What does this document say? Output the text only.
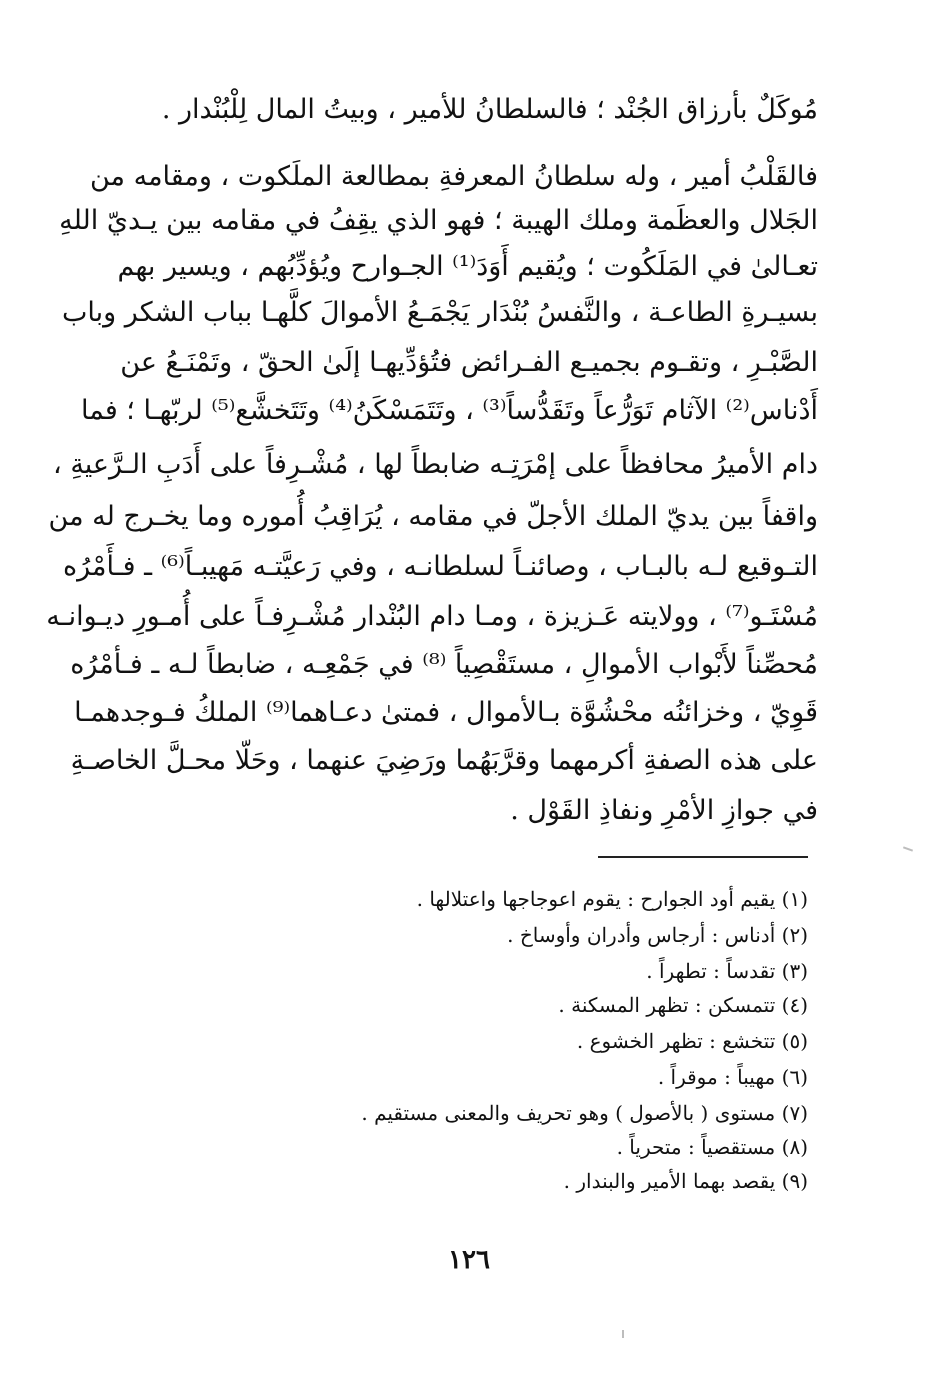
مُوكَلٌ بأرزاق الجُنْد ؛ فالسلطانُ للأمير ، وبيتُ المال لِلْبُنْدار .
فالقَلْبُ أمير ، وله سلطانُ المعرفةِ بمطالعة الملَكوت ، ومقامه من
الجَلال والعظَمة وملك الهيبة ؛ فهو الذي يقِفُ في مقامه بين يـديّ اللهِ
تعـالىٰ في المَلَكُوت ؛ ويُقيم أَوَدَ⁽¹⁾ الجـوارح ويُؤدِّبُهم ، ويسير بهم
بسيـرةِ الطاعـة ، والنَّفسُ بُنْدَار يَجْمَـعُ الأموالَ كلَّهـا بباب الشكر وباب
الصَّبْـرِ ، وتقـوم بجميـع الفـرائض فتُؤدِّيهـا إلَىٰ الحقّ ، وتَمْنَـعُ عن
أَدْناس⁽²⁾ الآثام تَوَرُّعاً وتَقَدُّساً⁽³⁾ ، وتَتَمَسْكَنُ⁽⁴⁾ وتَتَخشَّع⁽⁵⁾ لربّهـا ؛ فما
دام الأميرُ محافظاً على إمْرَتِـه ضابطاً لها ، مُشْـرِفاً على أَدَبِ الـرَّعيةِ ،
واقفاً بين يديّ الملك الأجلّ في مقامه ، يُرَاقِبُ أُموره وما يخـرج له من
التـوقيع لـه بالبـاب ، وصائنـاً لسلطانـه ، وفي رَعيَّتـه مَهيبـاً⁽⁶⁾ ـ فـأَمْرُه
مُسْتَـو⁽⁷⁾ ، وولايته عَـزيزة ، ومـا دام البُنْدار مُشْـرِفـاً على أُمـورِ ديـوانـه
مُحصِّناً لأَبْواب الأموالِ ، مستَقْصِياً ⁽⁸⁾ في جَمْعِـه ، ضابطاً لـه ـ فـأمْرُه
قَوِيّ ، وخزائنُه محْشُوَّة بـالأموال ، فمتىٰ دعـاهما⁽⁹⁾ الملكُ فـوجدهمـا
على هذه الصفةِ أكرمهما وقرَّبَهُما ورَضِيَ عنهما ، وحَلّا محـلَّ الخاصـةِ
في جوازِ الأمْرِ ونفاذِ القَوْل .
(١) يقيم أود الجوارح : يقوم اعوجاجها واعتلالها .
(٢) أدناس : أرجاس وأدران وأوساخ .
(٣) تقدساً : تطهراً .
(٤) تتمسكن : تظهر المسكنة .
(٥) تتخشع : تظهر الخشوع .
(٦) مهيباً : موقراً .
(٧) مستوى ( بالأصول ) وهو تحريف والمعنى مستقيم .
(٨) مستقصياً : متحرياً .
(٩) يقصد بهما الأمير والبندار .
١٢٦
